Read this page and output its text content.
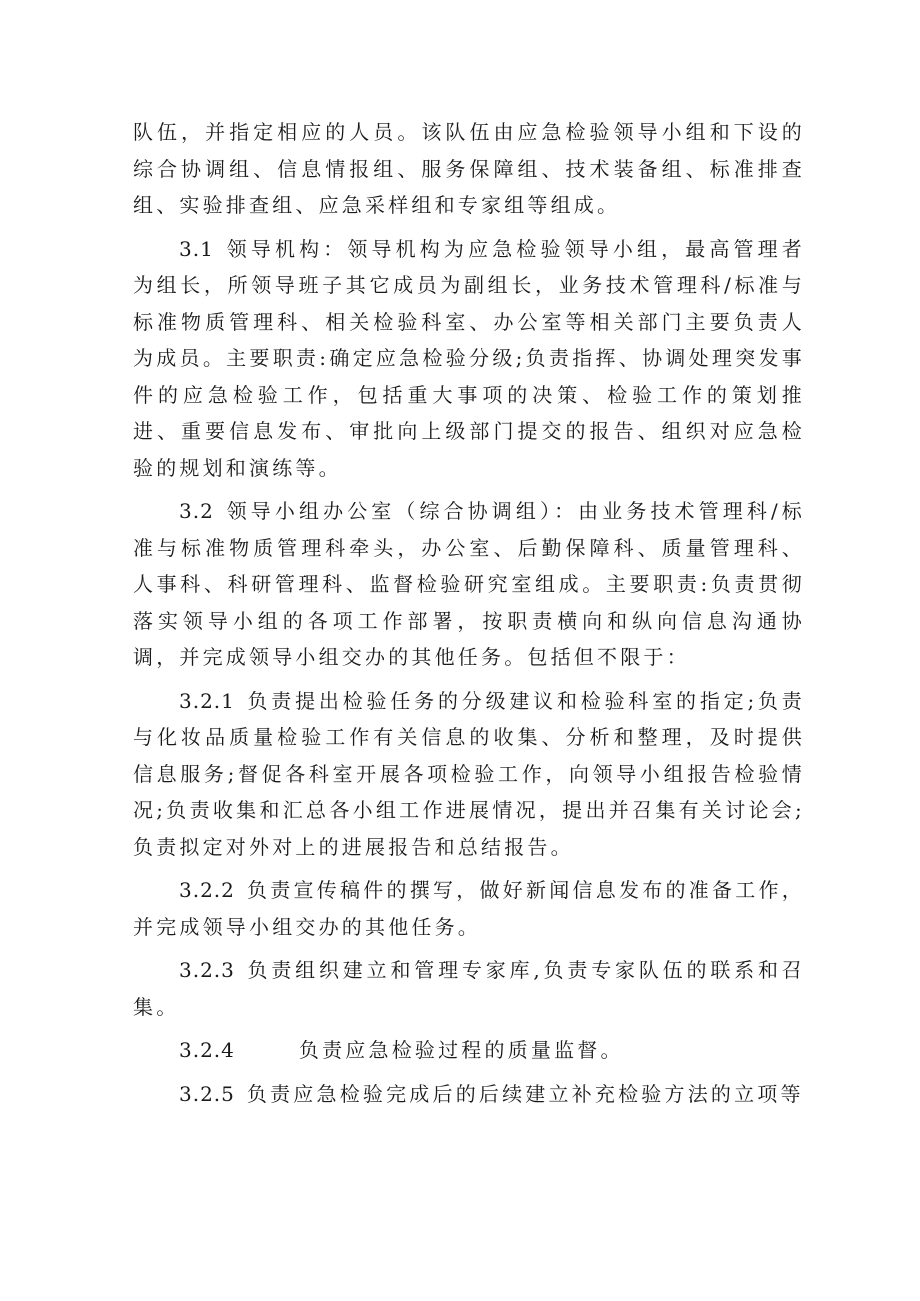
队伍，并指定相应的人员。该队伍由应急检验领导小组和下设的综合协调组、信息情报组、服务保障组、技术装备组、标准排查组、实验排查组、应急采样组和专家组等组成。

3.1 领导机构：领导机构为应急检验领导小组，最高管理者为组长，所领导班子其它成员为副组长，业务技术管理科/标准与标准物质管理科、相关检验科室、办公室等相关部门主要负责人为成员。主要职责:确定应急检验分级;负责指挥、协调处理突发事件的应急检验工作，包括重大事项的决策、检验工作的策划推进、重要信息发布、审批向上级部门提交的报告、组织对应急检验的规划和演练等。

3.2 领导小组办公室（综合协调组）：由业务技术管理科/标准与标准物质管理科牵头，办公室、后勤保障科、质量管理科、人事科、科研管理科、监督检验研究室组成。主要职责:负责贯彻落实领导小组的各项工作部署，按职责横向和纵向信息沟通协调，并完成领导小组交办的其他任务。包括但不限于：

3.2.1 负责提出检验任务的分级建议和检验科室的指定;负责与化妆品质量检验工作有关信息的收集、分析和整理，及时提供信息服务;督促各科室开展各项检验工作，向领导小组报告检验情况;负责收集和汇总各小组工作进展情况，提出并召集有关讨论会;负责拟定对外对上的进展报告和总结报告。

3.2.2 负责宣传稿件的撰写，做好新闻信息发布的准备工作，并完成领导小组交办的其他任务。

3.2.3 负责组织建立和管理专家库,负责专家队伍的联系和召集。

3.2.4	负责应急检验过程的质量监督。

3.2.5 负责应急检验完成后的后续建立补充检验方法的立项等
